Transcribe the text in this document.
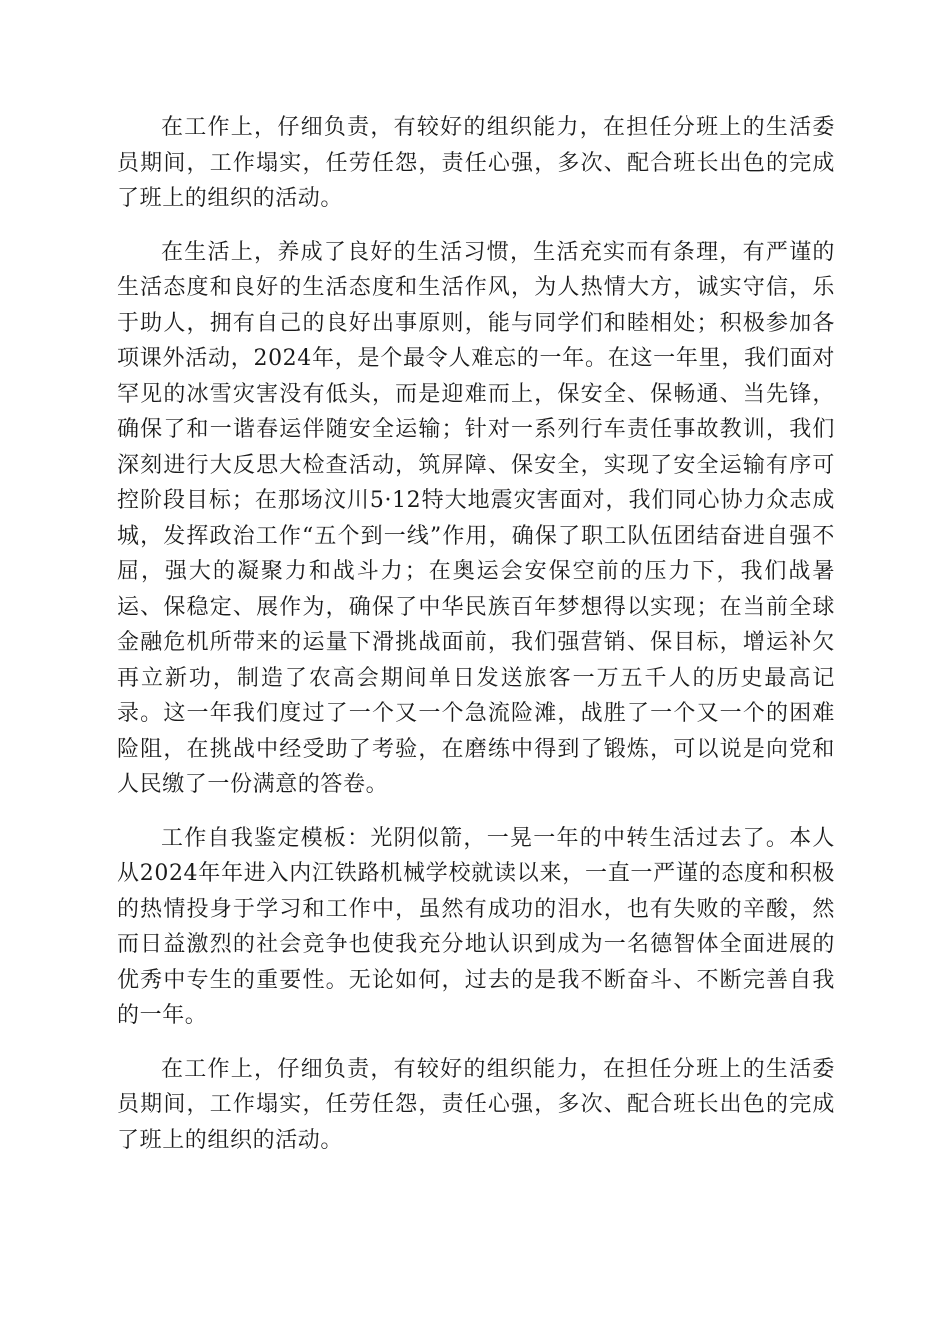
在工作上，仔细负责，有较好的组织能力，在担任分班上的生活委员期间，工作塌实，任劳任怨，责任心强，多次、配合班长出色的完成了班上的组织的活动。

在生活上，养成了良好的生活习惯，生活充实而有条理，有严谨的生活态度和良好的生活态度和生活作风，为人热情大方，诚实守信，乐于助人，拥有自己的良好出事原则，能与同学们和睦相处；积极参加各项课外活动，2024年，是个最令人难忘的一年。在这一年里，我们面对罕见的冰雪灾害没有低头，而是迎难而上，保安全、保畅通、当先锋，确保了和一谐春运伴随安全运输；针对一系列行车责任事故教训，我们深刻进行大反思大检查活动，筑屏障、保安全，实现了安全运输有序可控阶段目标；在那场汶川5·12特大地震灾害面对，我们同心协力众志成城，发挥政治工作“五个到一线”作用，确保了职工队伍团结奋进自强不屈，强大的凝聚力和战斗力；在奥运会安保空前的压力下，我们战暑运、保稳定、展作为，确保了中华民族百年梦想得以实现；在当前全球金融危机所带来的运量下滑挑战面前，我们强营销、保目标，增运补欠再立新功，制造了农高会期间单日发送旅客一万五千人的历史最高记录。这一年我们度过了一个又一个急流险滩，战胜了一个又一个的困难险阻，在挑战中经受助了考验，在磨练中得到了锻炼，可以说是向党和人民缴了一份满意的答卷。

工作自我鉴定模板：光阴似箭，一晃一年的中转生活过去了。本人从2024年年进入内江铁路机械学校就读以来，一直一严谨的态度和积极的热情投身于学习和工作中，虽然有成功的泪水，也有失败的辛酸，然而日益激烈的社会竞争也使我充分地认识到成为一名德智体全面进展的优秀中专生的重要性。无论如何，过去的是我不断奋斗、不断完善自我的一年。

在工作上，仔细负责，有较好的组织能力，在担任分班上的生活委员期间，工作塌实，任劳任怨，责任心强，多次、配合班长出色的完成了班上的组织的活动。
